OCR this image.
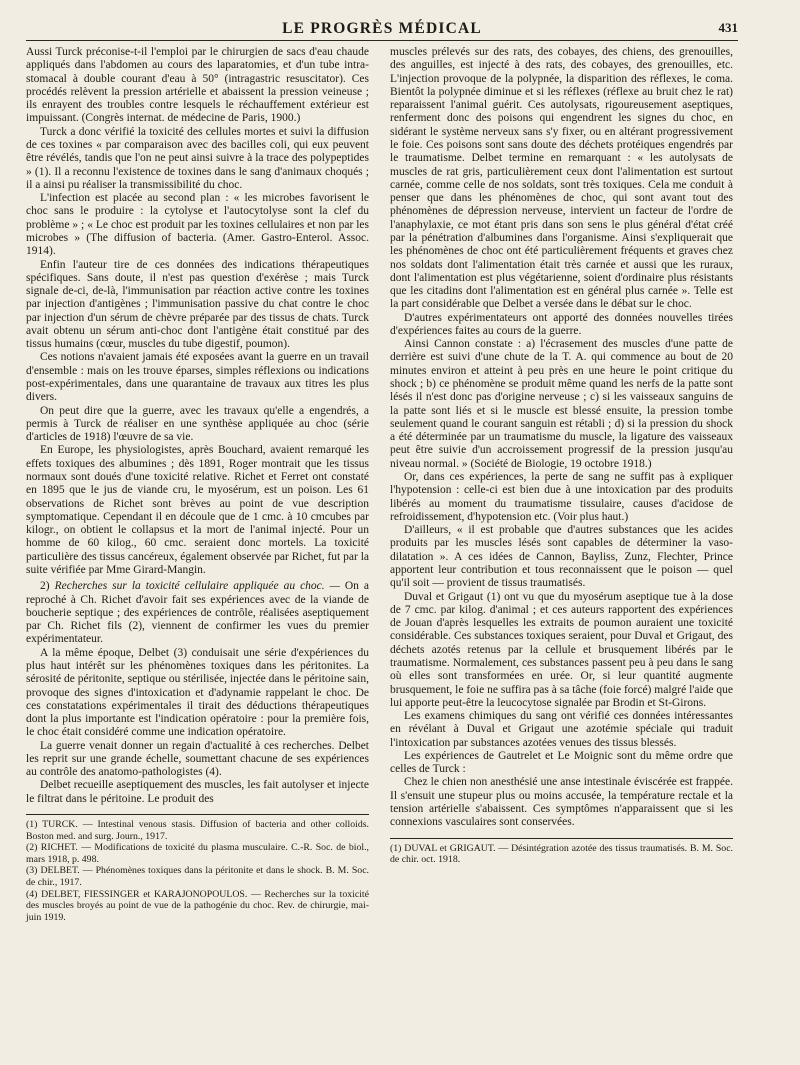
LE PROGRÈS MÉDICAL	431

Aussi Turck préconise-t-il l'emploi par le chirurgien de sacs d'eau chaude appliqués dans l'abdomen au cours des laparatomies, et d'un tube intra-stomacal à double courant d'eau à 50° (intragastric resuscitator). Ces procédés relèvent la pression artérielle et abaissent la pression veineuse ; ils enrayent des troubles contre lesquels le réchauffement extérieur est impuissant. (Congrès internat. de médecine de Paris, 1900.)

Turck a donc vérifié la toxicité des cellules mortes et suivi la diffusion de ces toxines « par comparaison avec des bacilles coli, qui eux peuvent être révélés, tandis que l'on ne peut ainsi suivre à la trace des polypeptides » (1). Il a reconnu l'existence de toxines dans le sang d'animaux choqués ; il a ainsi pu réaliser la transmissibilité du choc.

L'infection est placée au second plan : « les microbes favorisent le choc sans le produire : la cytolyse et l'autocytolyse sont la clef du problème » ; « Le choc est produit par les toxines cellulaires et non par les microbes » (The diffusion of bacteria. (Amer. Gastro-Enterol. Assoc. 1914).

Enfin l'auteur tire de ces données des indications thérapeutiques spécifiques. Sans doute, il n'est pas question d'exérèse ; mais Turck signale de-ci, de-là, l'immunisation par réaction active contre les toxines par injection d'antigènes ; l'immunisation passive du chat contre le choc par injection d'un sérum de chèvre préparée par des tissus de chats. Turck avait obtenu un sérum anti-choc dont l'antigène était constitué par des tissus humains (cœur, muscles du tube digestif, poumon).

Ces notions n'avaient jamais été exposées avant la guerre en un travail d'ensemble : mais on les trouve éparses, simples réflexions ou indications post-expérimentales, dans une quarantaine de travaux aux titres les plus divers.

On peut dire que la guerre, avec les travaux qu'elle a engendrés, a permis à Turck de réaliser en une synthèse appliquée au choc (série d'articles de 1918) l'œuvre de sa vie.

En Europe, les physiologistes, après Bouchard, avaient remarqué les effets toxiques des albumines ; dès 1891, Roger montrait que les tissus normaux sont doués d'une toxicité relative. Richet et Ferret ont constaté en 1895 que le jus de viande cru, le myosérum, est un poison. Les 61 observations de Richet sont brèves au point de vue description symptomatique. Cependant il en découle que de 1 cmc. à 10 cmcubes par kilogr., on obtient le collapsus et la mort de l'animal injecté. Pour un homme de 60 kilog., 60 cmc. seraient donc mortels. La toxicité particulière des tissus cancéreux, également observée par Richet, fut par la suite vérifiée par Mme Girard-Mangin.

2) Recherches sur la toxicité cellulaire appliquée au choc. — On a reproché à Ch. Richet d'avoir fait ses expériences avec de la viande de boucherie septique ; des expériences de contrôle, réalisées aseptiquement par Ch. Richet fils (2), viennent de confirmer les vues du premier expérimentateur.

A la même époque, Delbet (3) conduisait une série d'expériences du plus haut intérêt sur les phénomènes toxiques dans les péritonites. La sérosité de péritonite, septique ou stérilisée, injectée dans le péritoine sain, provoque des signes d'intoxication et d'adynamie rappelant le choc. De ces constatations expérimentales il tirait des déductions thérapeutiques dont la plus importante est l'indication opératoire : pour la première fois, le choc était considéré comme une indication opératoire.

La guerre venait donner un regain d'actualité à ces recherches. Delbet les reprit sur une grande échelle, soumettant chacune de ses expériences au contrôle des anatomo-pathologistes (4).

Delbet recueille aseptiquement des muscles, les fait autolyser et injecte le filtrat dans le péritoine. Le produit des

(1) TURCK. — Intestinal venous stasis. Diffusion of bacteria and other colloids. Boston med. and surg. Journ., 1917.

(2) RICHET. — Modifications de toxicité du plasma musculaire. C.-R. Soc. de biol., mars 1918, p. 498.

(3) DELBET. — Phénomènes toxiques dans la péritonite et dans le shock. B. M. Soc. de chir., 1917.

(4) DELBET, FIESSINGER et KARAJONOPOULOS. — Recherches sur la toxicité des muscles broyés au point de vue de la pathogénie du choc. Rev. de chirurgie, mai-juin 1919.

muscles prélevés sur des rats, des cobayes, des chiens, des grenouilles, des anguilles, est injecté à des rats, des cobayes, des grenouilles, etc. L'injection provoque de la polypnée, la disparition des réflexes, le coma. Bientôt la polypnée diminue et si les réflexes (réflexe au bruit chez le rat) reparaissent l'animal guérit. Ces autolysats, rigoureusement aseptiques, renferment donc des poisons qui engendrent les signes du choc, en sidérant le système nerveux sans s'y fixer, ou en altérant progressivement le foie. Ces poisons sont sans doute des déchets protéiques engendrés par le traumatisme. Delbet termine en remarquant : « les autolysats de muscles de rat gris, particulièrement ceux dont l'alimentation est surtout carnée, comme celle de nos soldats, sont très toxiques. Cela me conduit à penser que dans les phénomènes de choc, qui sont avant tout des phénomènes de dépression nerveuse, intervient un facteur de l'ordre de l'anaphylaxie, ce mot étant pris dans son sens le plus général d'état créé par la pénétration d'albumines dans l'organisme. Ainsi s'expliquerait que les phénomènes de choc ont été particulièrement fréquents et graves chez nos soldats dont l'alimentation était très carnée et aussi que les ruraux, dont l'alimentation est plus végétarienne, soient d'ordinaire plus résistants que les citadins dont l'alimentation est en général plus carnée ». Telle est la part considérable que Delbet a versée dans le débat sur le choc.

D'autres expérimentateurs ont apporté des données nouvelles tirées d'expériences faites au cours de la guerre.

Ainsi Cannon constate : a) l'écrasement des muscles d'une patte de derrière est suivi d'une chute de la T. A. qui commence au bout de 20 minutes environ et atteint à peu près en une heure le point critique du shock ; b) ce phénomène se produit même quand les nerfs de la patte sont lésés il n'est donc pas d'origine nerveuse ; c) si les vaisseaux sanguins de la patte sont liés et si le muscle est blessé ensuite, la pression tombe seulement quand le courant sanguin est rétabli ; d) si la pression du shock a été déterminée par un traumatisme du muscle, la ligature des vaisseaux peut être suivie d'un accroissement progressif de la pression jusqu'au niveau normal. » (Société de Biologie, 19 octobre 1918.)

Or, dans ces expériences, la perte de sang ne suffit pas à expliquer l'hypotension : celle-ci est bien due à une intoxication par des produits libérés au moment du traumatisme tissulaire, causes d'acidose de refroidissement, d'hypotension etc. (Voir plus haut.)

D'ailleurs, « il est probable que d'autres substances que les acides produits par les muscles lésés sont capables de déterminer la vaso-dilatation ». A ces idées de Cannon, Bayliss, Zunz, Flechter, Prince apportent leur contribution et tous reconnaissent que le poison — quel qu'il soit — provient de tissus traumatisés.

Duval et Grigaut (1) ont vu que du myosérum aseptique tue à la dose de 7 cmc. par kilog. d'animal ; et ces auteurs rapportent des expériences de Jouan d'après lesquelles les extraits de poumon auraient une toxicité considérable. Ces substances toxiques seraient, pour Duval et Grigaut, des déchets azotés retenus par la cellule et brusquement libérés par le traumatisme. Normalement, ces substances passent peu à peu dans le sang où elles sont transformées en urée. Or, si leur quantité augmente brusquement, le foie ne suffira pas à sa tâche (foie forcé) malgré l'aide que lui apporte peut-être la leucocytose signalée par Brodin et St-Girons.

Les examens chimiques du sang ont vérifié ces données intéressantes en révélant à Duval et Grigaut une azotémie spéciale qui traduit l'intoxication par substances azotées venues des tissus blessés.

Les expériences de Gautrelet et Le Moignic sont du même ordre que celles de Turck :

Chez le chien non anesthésié une anse intestinale éviscérée est frappée. Il s'ensuit une stupeur plus ou moins accusée, la température rectale et la tension artérielle s'abaissent. Ces symptômes n'apparaissent que si les connexions vasculaires sont conservées.

(1) DUVAL et GRIGAUT. — Désintégration azotée des tissus traumatisés. B. M. Soc. de chir. oct. 1918.
